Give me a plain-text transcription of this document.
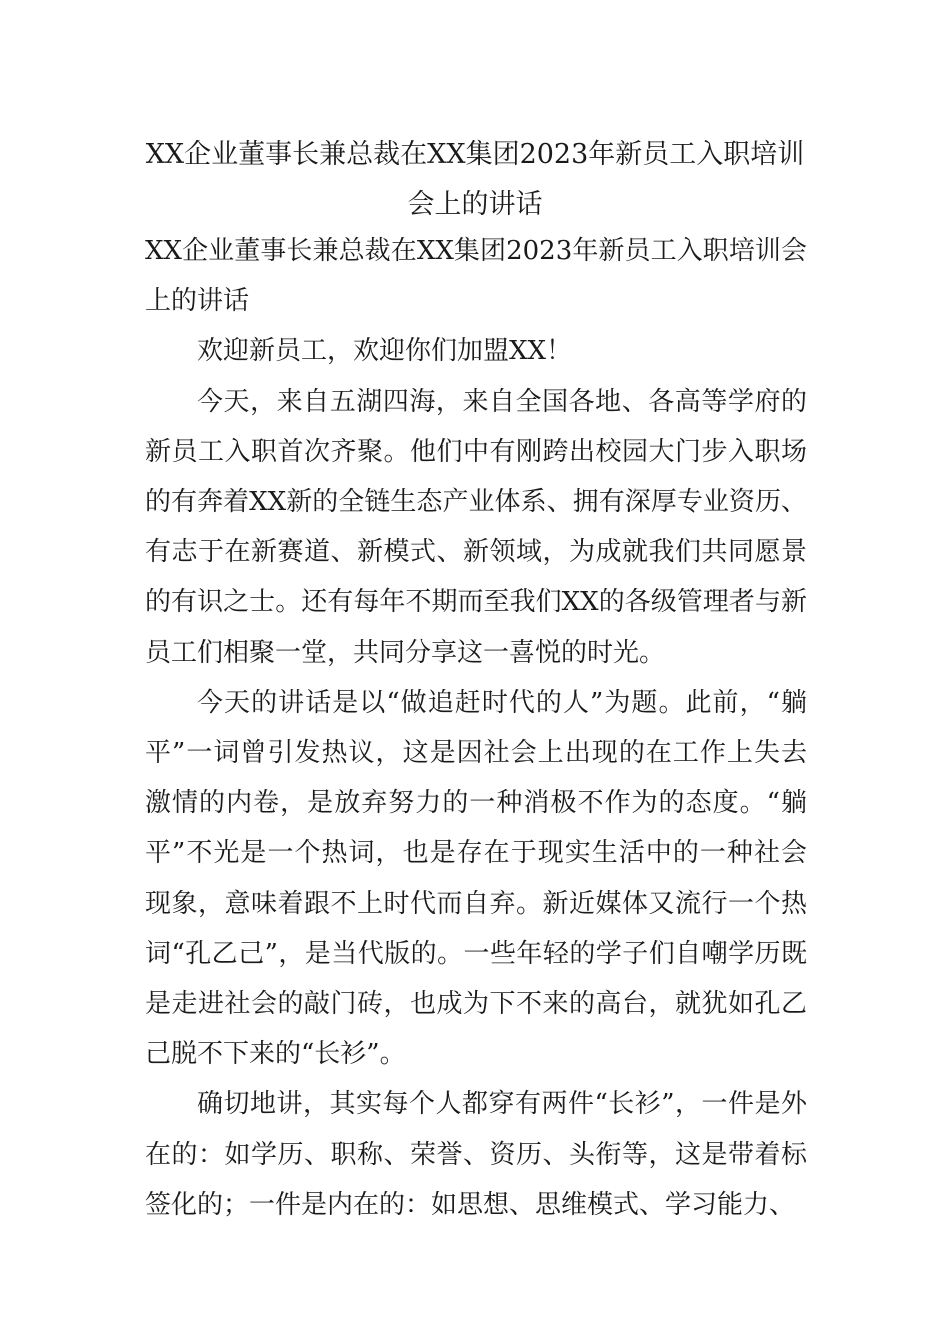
XX企业董事长兼总裁在XX集团2023年新员工入职培训会上的讲话

XX企业董事长兼总裁在XX集团2023年新员工入职培训会上的讲话

欢迎新员工，欢迎你们加盟XX！

今天，来自五湖四海，来自全国各地、各高等学府的新员工入职首次齐聚。他们中有刚跨出校园大门步入职场的有奔着XX新的全链生态产业体系、拥有深厚专业资历、有志于在新赛道、新模式、新领域，为成就我们共同愿景的有识之士。还有每年不期而至我们XX的各级管理者与新员工们相聚一堂，共同分享这一喜悦的时光。

今天的讲话是以“做追赶时代的人”为题。此前，“躺平”一词曾引发热议，这是因社会上出现的在工作上失去激情的内卷，是放弃努力的一种消极不作为的态度。“躺平”不光是一个热词，也是存在于现实生活中的一种社会现象，意味着跟不上时代而自弃。新近媒体又流行一个热词“孔乙己”，是当代版的。一些年轻的学子们自嘲学历既是走进社会的敲门砖，也成为下不来的高台，就犹如孔乙己脱不下来的“长衫”。

确切地讲，其实每个人都穿有两件“长衫”，一件是外在的：如学历、职称、荣誉、资历、头衔等，这是带着标签化的；一件是内在的：如思想、思维模式、学习能力、
